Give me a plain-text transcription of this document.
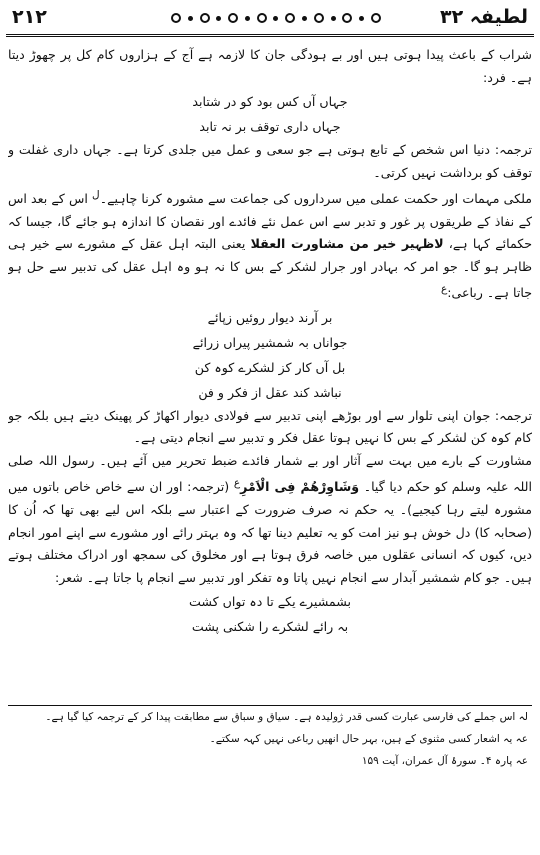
۲۱۲	لطیفہ ۳۲

شراب کے باعث پیدا ہوتی ہیں اور بے ہودگی جان کا لازمہ ہے آج کے ہزاروں کام کل پر چھوڑ دیتا ہے۔ فرد:

جہاں آں کس بود کو در شتابد
جہاں داری توقف بر نہ تابد

ترجمہ: دنیا اس شخص کے تابع ہوتی ہے جو سعی و عمل میں جلدی کرتا ہے۔ جہاں داری غفلت و توقف کو برداشت نہیں کرتی۔

ملکی مہمات اور حکمت عملی میں سرداروں کی جماعت سے مشورہ کرنا چاہیے۔$^ل$ اس کے بعد اس کے نفاذ کے طریقوں پر غور و تدبر سے اس عمل نئے فائدے اور نقصان کا اندازہ ہو جائے گا، جیسا کہ حکمائے کہا ہے، لاظہیر خیر من مشاورت العقلا یعنی البتہ اہل عقل کے مشورے سے خیر ہی ظاہر ہو گا۔ جو امر کہ بہادر اور جرار لشکر کے بس کا نہ ہو وہ اہل عقل کی تدبیر سے حل ہو جاتا ہے۔ رباعی:$^ع$

بر آرند دیوار روئیں زپائے
جواناں بہ شمشیر پیراں زرائے
بل آں کار کز لشکرے کوہ کن
نباشد کند عقل از فکر و فن

ترجمہ: جوان اپنی تلوار سے اور بوڑھے اپنی تدبیر سے فولادی دیوار اکھاڑ کر پھینک دیتے ہیں بلکہ جو کام کوہ کن لشکر کے بس کا نہیں ہوتا عقل فکر و تدبیر سے انجام دیتی ہے۔

مشاورت کے بارے میں بہت سے آثار اور بے شمار فائدے ضبط تحریر میں آئے ہیں۔ رسول اللہ صلی اللہ علیہ وسلم کو حکم دیا گیا۔ وَشَاوِرْهُمْ فِی الْاَمْرِ$^ع$ (ترجمہ: اور ان سے خاص خاص باتوں میں مشورہ لیتے رہا کیجیے)۔ یہ حکم نہ صرف ضرورت کے اعتبار سے بلکہ اس لیے بھی تھا کہ اُن کا (صحابہ کا) دل خوش ہو نیز امت کو یہ تعلیم دینا تھا کہ وہ بہتر رائے اور مشورے سے اپنے امور انجام دیں، کیوں کہ انسانی عقلوں میں خاصہ فرق ہوتا ہے اور مخلوق کی سمجھ اور ادراک مختلف ہوتے ہیں۔ جو کام شمشیر آبدار سے انجام نہیں پاتا وہ تفکر اور تدبیر سے انجام پا جاتا ہے۔ شعر:

بشمشیرے یکے تا دہ تواں کشت
بہ رائے لشکرے را شکنی پشت
لہ اس جملے کی فارسی عبارت کسی قدر ژولیدہ ہے۔ سیاق و سباق سے مطابقت پیدا کر کے ترجمہ کیا گیا ہے۔
عہ یہ اشعار کسی مثنوی کے ہیں، بہر حال انھیں رباعی نہیں کہہ سکتے۔
عہ پارہ ۴۔ سورۂ آل عمران، آیت ۱۵۹
